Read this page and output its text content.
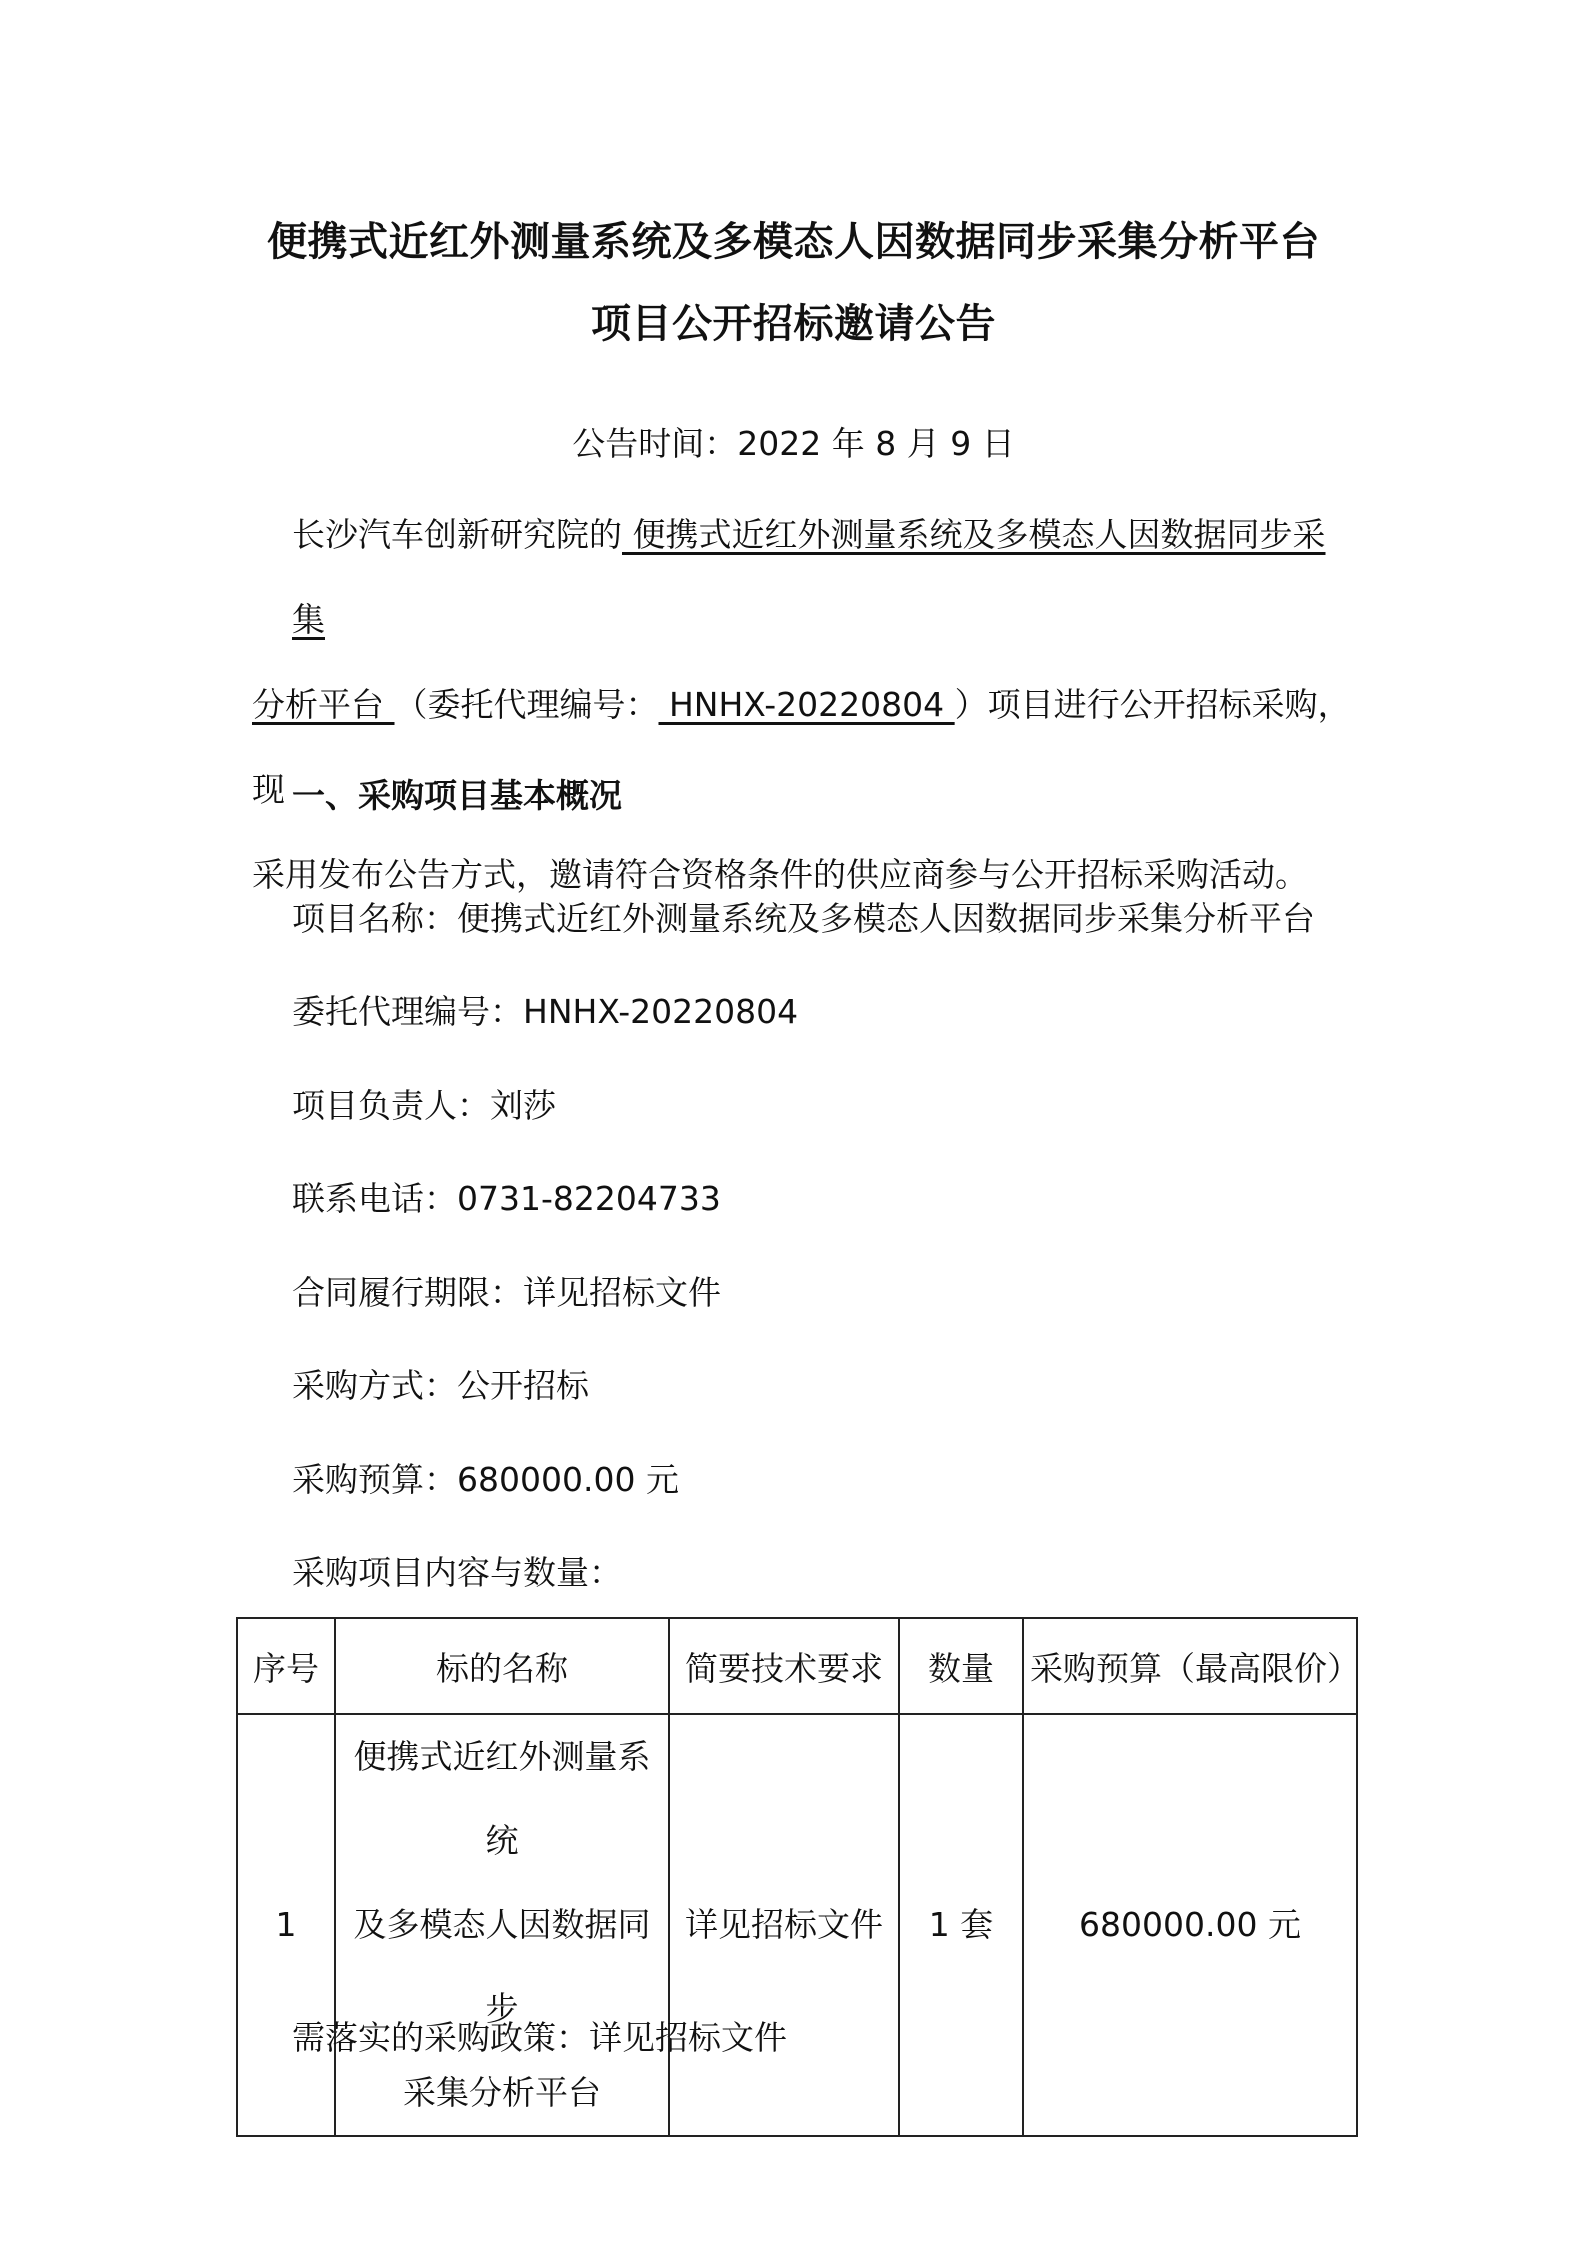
便携式近红外测量系统及多模态人因数据同步采集分析平台
项目公开招标邀请公告
公告时间：2022 年 8 月 9 日

长沙汽车创新研究院的 便携式近红外测量系统及多模态人因数据同步采集

分析平台 （委托代理编号： HNHX-20220804 ）项目进行公开招标采购，现

采用发布公告方式，邀请符合资格条件的供应商参与公开招标采购活动。

一、采购项目基本概况
项目名称：便携式近红外测量系统及多模态人因数据同步采集分析平台
委托代理编号：HNHX-20220804
项目负责人：刘莎
联系电话：0731-82204733
合同履行期限：详见招标文件
采购方式：公开招标
采购预算：680000.00 元
采购项目内容与数量：
序号	标的名称	简要技术要求	数量	采购预算（最高限价）
1	便携式近红外测量系统
及多模态人因数据同步
采集分析平台	详见招标文件	1 套	680000.00 元
需落实的采购政策：详见招标文件
